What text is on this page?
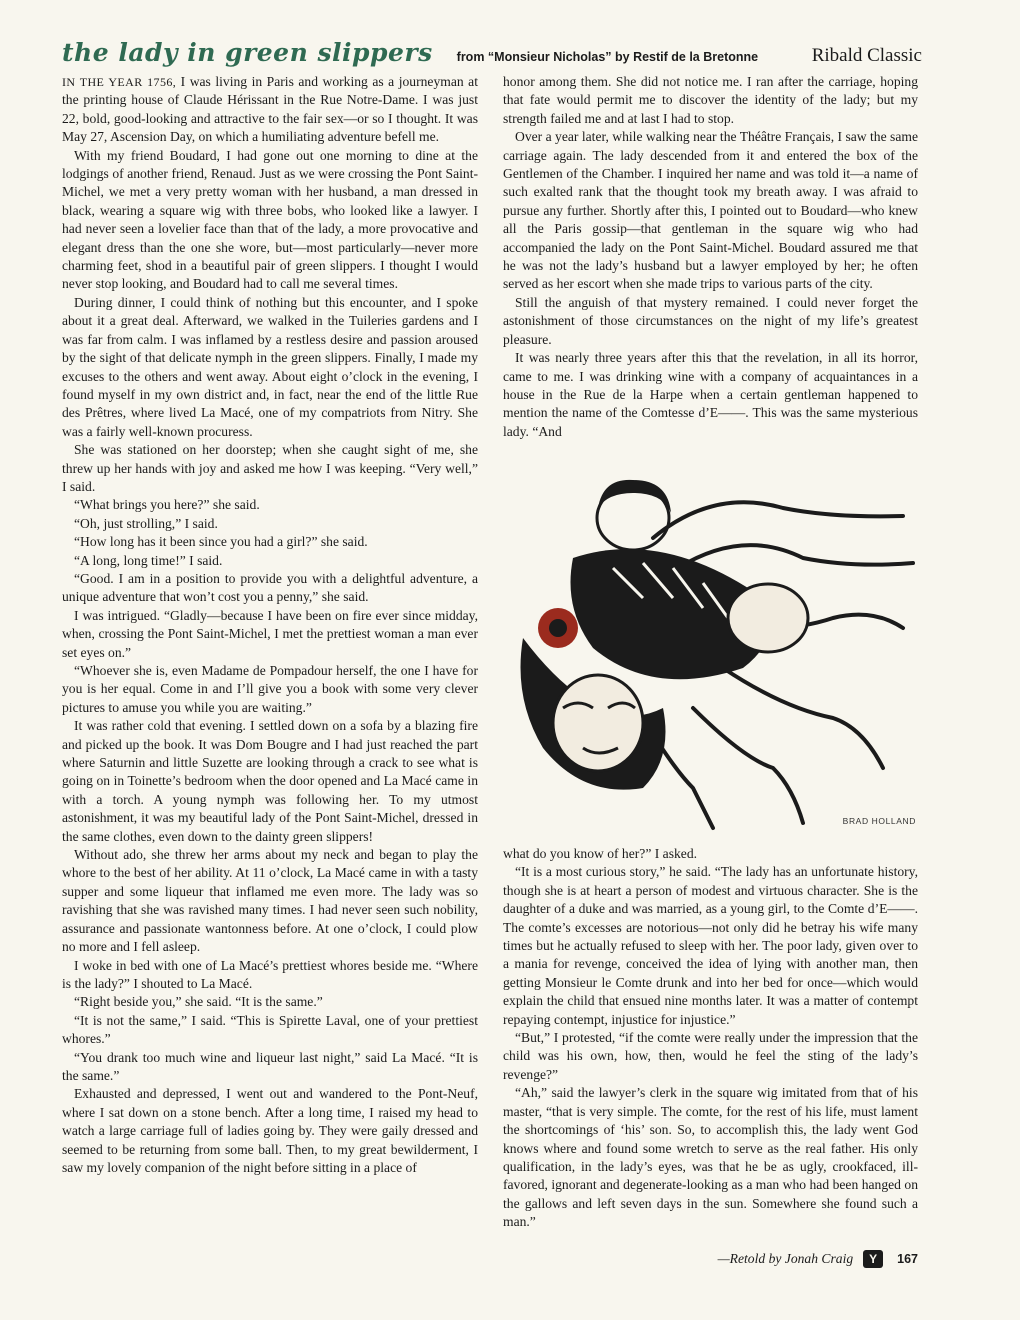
the lady in green slippers from “Monsieur Nicholas” by Restif de la Bretonne	Ribald Classic

IN THE YEAR 1756, I was living in Paris and working as a journeyman at the printing house of Claude Hérissant in the Rue Notre-Dame. I was just 22, bold, good-looking and attractive to the fair sex—or so I thought. It was May 27, Ascension Day, on which a humiliating adventure befell me.

With my friend Boudard, I had gone out one morning to dine at the lodgings of another friend, Renaud. Just as we were crossing the Pont Saint-Michel, we met a very pretty woman with her husband, a man dressed in black, wearing a square wig with three bobs, who looked like a lawyer. I had never seen a lovelier face than that of the lady, a more provocative and elegant dress than the one she wore, but—most particularly—never more charming feet, shod in a beautiful pair of green slippers. I thought I would never stop looking, and Boudard had to call me several times.

During dinner, I could think of nothing but this encounter, and I spoke about it a great deal. Afterward, we walked in the Tuileries gardens and I was far from calm. I was inflamed by a restless desire and passion aroused by the sight of that delicate nymph in the green slippers. Finally, I made my excuses to the others and went away. About eight o’clock in the evening, I found myself in my own district and, in fact, near the end of the little Rue des Prêtres, where lived La Macé, one of my compatriots from Nitry. She was a fairly well-known procuress.

She was stationed on her doorstep; when she caught sight of me, she threw up her hands with joy and asked me how I was keeping. “Very well,” I said.

“What brings you here?” she said.

“Oh, just strolling,” I said.

“How long has it been since you had a girl?” she said.

“A long, long time!” I said.

“Good. I am in a position to provide you with a delightful adventure, a unique adventure that won’t cost you a penny,” she said.

I was intrigued. “Gladly—because I have been on fire ever since midday, when, crossing the Pont Saint-Michel, I met the prettiest woman a man ever set eyes on.”

“Whoever she is, even Madame de Pompadour herself, the one I have for you is her equal. Come in and I’ll give you a book with some very clever pictures to amuse you while you are waiting.”

It was rather cold that evening. I settled down on a sofa by a blazing fire and picked up the book. It was Dom Bougre and I had just reached the part where Saturnin and little Suzette are looking through a crack to see what is going on in Toinette’s bedroom when the door opened and La Macé came in with a torch. A young nymph was following her. To my utmost astonishment, it was my beautiful lady of the Pont Saint-Michel, dressed in the same clothes, even down to the dainty green slippers!

Without ado, she threw her arms about my neck and began to play the whore to the best of her ability. At 11 o’clock, La Macé came in with a tasty supper and some liqueur that inflamed me even more. The lady was so ravishing that she was ravished many times. I had never seen such nobility, assurance and passionate wantonness before. At one o’clock, I could plow no more and I fell asleep.

I woke in bed with one of La Macé’s prettiest whores beside me. “Where is the lady?” I shouted to La Macé.

“Right beside you,” she said. “It is the same.”

“It is not the same,” I said. “This is Spirette Laval, one of your prettiest whores.”

“You drank too much wine and liqueur last night,” said La Macé. “It is the same.”

Exhausted and depressed, I went out and wandered to the Pont-Neuf, where I sat down on a stone bench. After a long time, I raised my head to watch a large carriage full of ladies going by. They were gaily dressed and seemed to be returning from some ball. Then, to my great bewilderment, I saw my lovely companion of the night before sitting in a place of

honor among them. She did not notice me. I ran after the carriage, hoping that fate would permit me to discover the identity of the lady; but my strength failed me and at last I had to stop.

Over a year later, while walking near the Théâtre Français, I saw the same carriage again. The lady descended from it and entered the box of the Gentlemen of the Chamber. I inquired her name and was told it—a name of such exalted rank that the thought took my breath away. I was afraid to pursue any further. Shortly after this, I pointed out to Boudard—who knew all the Paris gossip—that gentleman in the square wig who had accompanied the lady on the Pont Saint-Michel. Boudard assured me that he was not the lady’s husband but a lawyer employed by her; he often served as her escort when she made trips to various parts of the city.

Still the anguish of that mystery remained. I could never forget the astonishment of those circumstances on the night of my life’s greatest pleasure.

It was nearly three years after this that the revelation, in all its horror, came to me. I was drinking wine with a company of acquaintances in a house in the Rue de la Harpe when a certain gentleman happened to mention the name of the Comtesse d’E——. This was the same mysterious lady. “And

BRAD HOLLAND

what do you know of her?” I asked.

“It is a most curious story,” he said. “The lady has an unfortunate history, though she is at heart a person of modest and virtuous character. She is the daughter of a duke and was married, as a young girl, to the Comte d’E——. The comte’s excesses are notorious—not only did he betray his wife many times but he actually refused to sleep with her. The poor lady, given over to a mania for revenge, conceived the idea of lying with another man, then getting Monsieur le Comte drunk and into her bed for once—which would explain the child that ensued nine months later. It was a matter of contempt repaying contempt, injustice for injustice.”

“But,” I protested, “if the comte were really under the impression that the child was his own, how, then, would he feel the sting of the lady’s revenge?”

“Ah,” said the lawyer’s clerk in the square wig imitated from that of his master, “that is very simple. The comte, for the rest of his life, must lament the shortcomings of ‘his’ son. So, to accomplish this, the lady went God knows where and found some wretch to serve as the real father. His only qualification, in the lady’s eyes, was that he be as ugly, crookfaced, ill-favored, ignorant and degenerate-looking as a man who had been hanged on the gallows and left seven days in the sun. Somewhere she found such a man.”

—Retold by Jonah Craig	Y	167
